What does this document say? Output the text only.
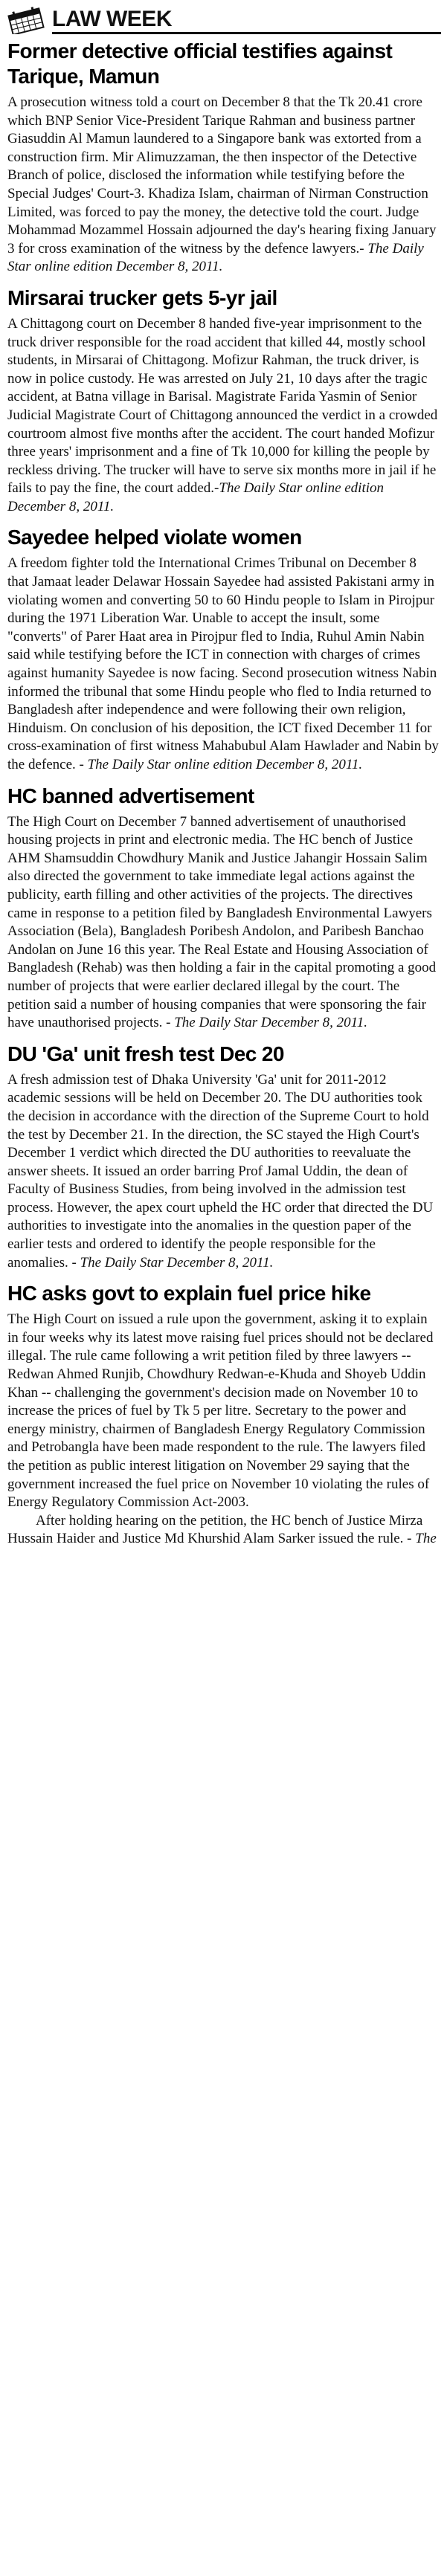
LAW WEEK
Former detective official testifies against Tarique, Mamun

A prosecution witness told a court on December 8 that the Tk 20.41 crore which BNP Senior Vice-President Tarique Rahman and business partner Giasuddin Al Mamun laundered to a Singapore bank was extorted from a construction firm. Mir Alimuzzaman, the then inspector of the Detective Branch of police, disclosed the information while testifying before the Special Judges' Court-3. Khadiza Islam, chairman of Nirman Construction Limited, was forced to pay the money, the detective told the court. Judge Mohammad Mozammel Hossain adjourned the day's hearing fixing January 3 for cross examination of the witness by the defence lawyers.- The Daily Star online edition December 8, 2011.

Mirsarai trucker gets 5-yr jail

A Chittagong court on December 8 handed five-year imprisonment to the truck driver responsible for the road accident that killed 44, mostly school students, in Mirsarai of Chittagong. Mofizur Rahman, the truck driver, is now in police custody. He was arrested on July 21, 10 days after the tragic accident, at Batna village in Barisal. Magistrate Farida Yasmin of Senior Judicial Magistrate Court of Chittagong announced the verdict in a crowded courtroom almost five months after the accident. The court handed Mofizur three years' imprisonment and a fine of Tk 10,000 for killing the people by reckless driving. The trucker will have to serve six months more in jail if he fails to pay the fine, the court added.-The Daily Star online edition December 8, 2011.

Sayedee helped violate women

A freedom fighter told the International Crimes Tribunal on December 8 that Jamaat leader Delawar Hossain Sayedee had assisted Pakistani army in violating women and converting 50 to 60 Hindu people to Islam in Pirojpur during the 1971 Liberation War. Unable to accept the insult, some "converts" of Parer Haat area in Pirojpur fled to India, Ruhul Amin Nabin said while testifying before the ICT in connection with charges of crimes against humanity Sayedee is now facing. Second prosecution witness Nabin informed the tribunal that some Hindu people who fled to India returned to Bangladesh after independence and were following their own religion, Hinduism. On conclusion of his deposition, the ICT fixed December 11 for cross-examination of first witness Mahabubul Alam Hawlader and Nabin by the defence. - The Daily Star online edition December 8, 2011.

HC banned advertisement

The High Court on December 7 banned advertisement of unauthorised housing projects in print and electronic media. The HC bench of Justice AHM Shamsuddin Chowdhury Manik and Justice Jahangir Hossain Salim also directed the government to take immediate legal actions against the publicity, earth filling and other activities of the projects. The directives came in response to a petition filed by Bangladesh Environmental Lawyers Association (Bela), Bangladesh Poribesh Andolon, and Paribesh Banchao Andolan on June 16 this year. The Real Estate and Housing Association of Bangladesh (Rehab) was then holding a fair in the capital promoting a good number of projects that were earlier declared illegal by the court. The petition said a number of housing companies that were sponsoring the fair have unauthorised projects. - The Daily Star December 8, 2011.

DU 'Ga' unit fresh test Dec 20

A fresh admission test of Dhaka University 'Ga' unit for 2011-2012 academic sessions will be held on December 20. The DU authorities took the decision in accordance with the direction of the Supreme Court to hold the test by December 21. In the direction, the SC stayed the High Court's December 1 verdict which directed the DU authorities to reevaluate the answer sheets. It issued an order barring Prof Jamal Uddin, the dean of Faculty of Business Studies, from being involved in the admission test process. However, the apex court upheld the HC order that directed the DU authorities to investigate into the anomalies in the question paper of the earlier tests and ordered to identify the people responsible for the anomalies. - The Daily Star December 8, 2011.

HC asks govt to explain fuel price hike

The High Court on issued a rule upon the government, asking it to explain in four weeks why its latest move raising fuel prices should not be declared illegal. The rule came following a writ petition filed by three lawyers -- Redwan Ahmed Runjib, Chowdhury Redwan-e-Khuda and Shoyeb Uddin Khan -- challenging the government's decision made on November 10 to increase the prices of fuel by Tk 5 per litre. Secretary to the power and energy ministry, chairmen of Bangladesh Energy Regulatory Commission and Petrobangla have been made respondent to the rule. The lawyers filed the petition as public interest litigation on November 29 saying that the government increased the fuel price on November 10 violating the rules of Energy Regulatory Commission Act-2003.

After holding hearing on the petition, the HC bench of Justice Mirza Hussain Haider and Justice Md Khurshid Alam Sarker issued the rule. - The
